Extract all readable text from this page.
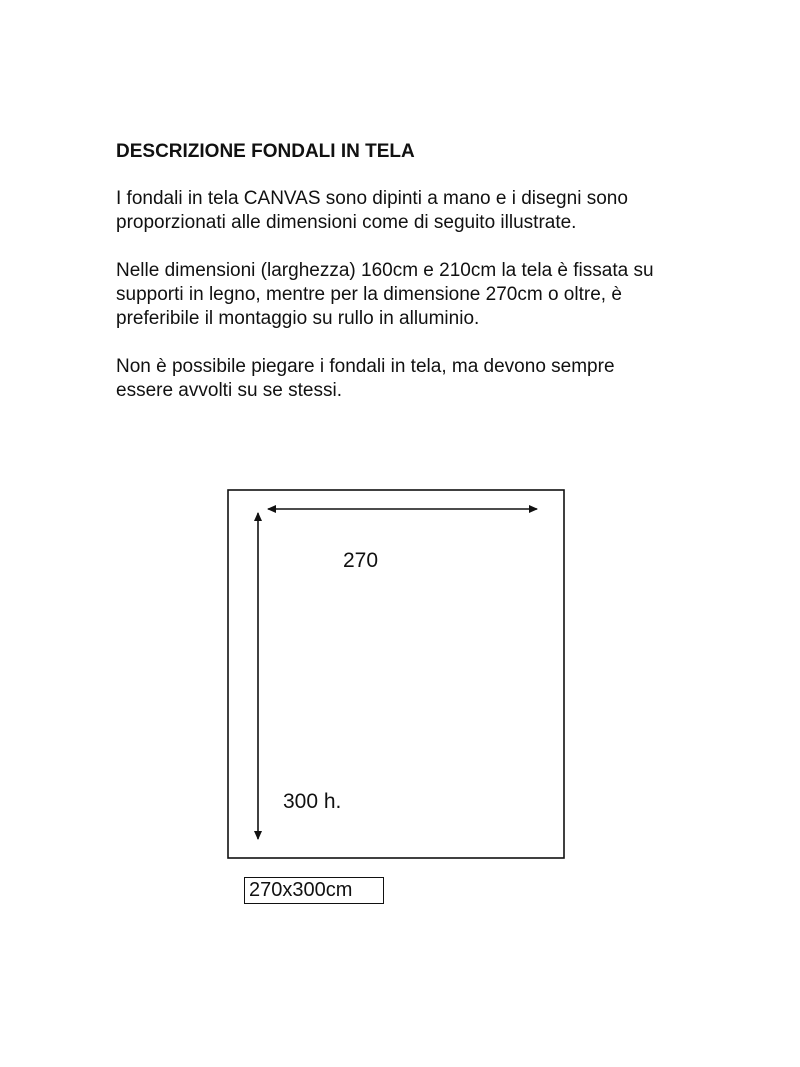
DESCRIZIONE FONDALI IN TELA
I fondali in tela CANVAS sono dipinti a mano e i disegni sono
proporzionati alle dimensioni come di seguito illustrate.
Nelle dimensioni (larghezza) 160cm e 210cm la tela è fissata su
supporti in legno, mentre per la dimensione 270cm o oltre, è
preferibile il montaggio su rullo in alluminio.
Non è possibile piegare i fondali in tela, ma devono sempre
essere avvolti su se stessi.
270
300 h.
270x300cm
